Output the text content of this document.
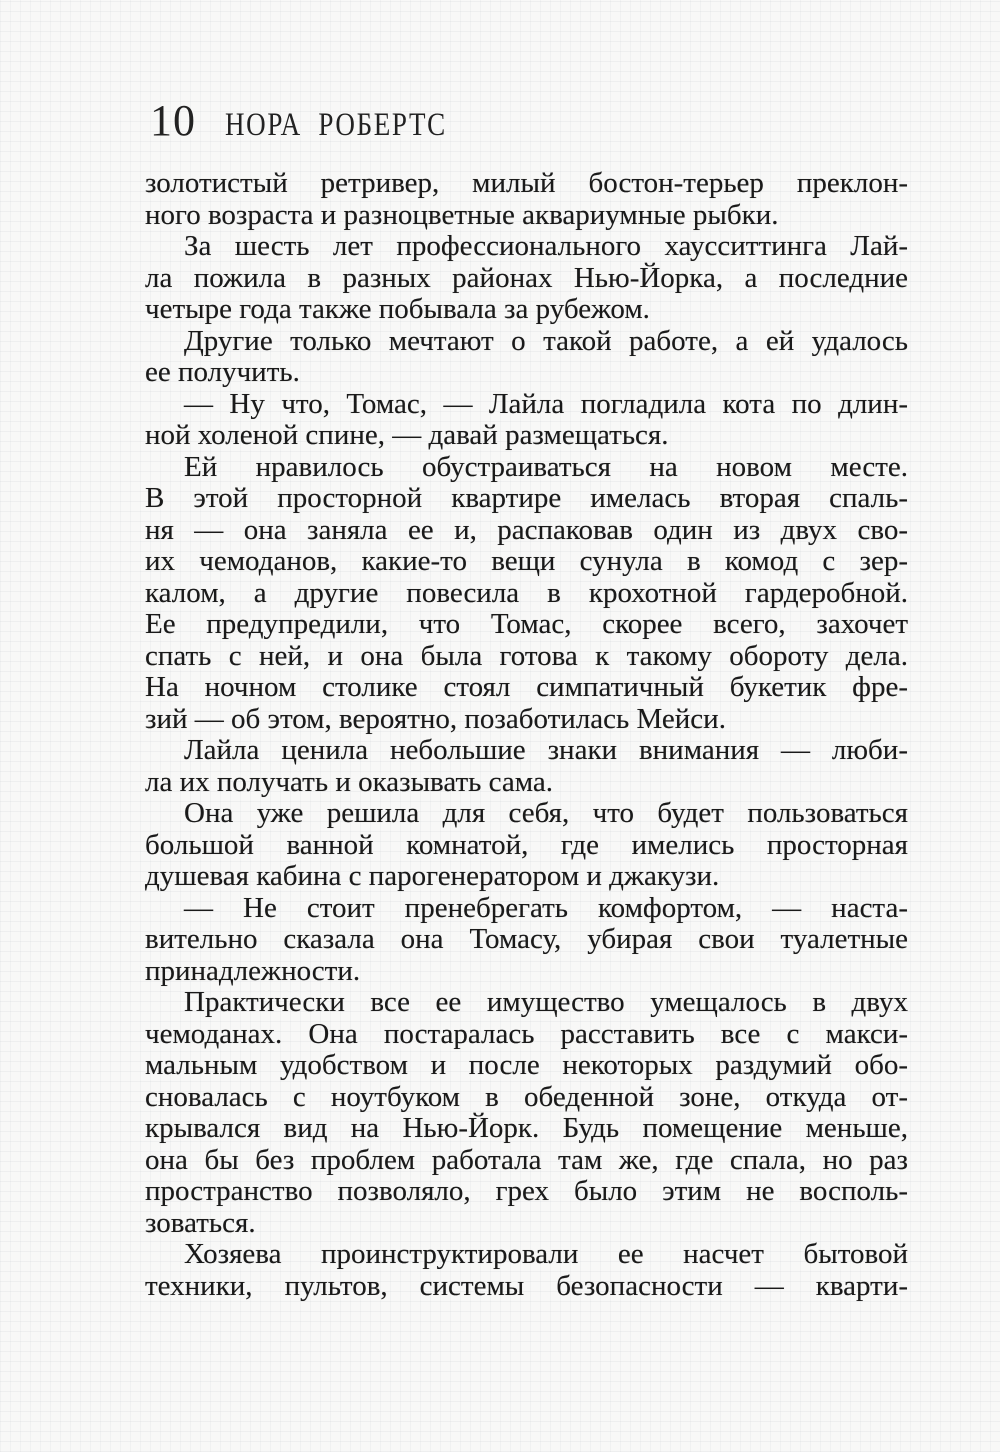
10 НОРА РОБЕРТС
золотистый ретривер, милый бостон-терьер преклон-
ного возраста и разноцветные аквариумные рыбки.
За шесть лет профессионального хаусситтинга Лай-
ла пожила в разных районах Нью-Йорка, а последние
четыре года также побывала за рубежом.
Другие только мечтают о такой работе, а ей удалось
ее получить.
— Ну что, Томас, — Лайла погладила кота по длин-
ной холеной спине, — давай размещаться.
Ей нравилось обустраиваться на новом месте.
В этой просторной квартире имелась вторая спаль-
ня — она заняла ее и, распаковав один из двух сво-
их чемоданов, какие-то вещи сунула в комод с зер-
калом, а другие повесила в крохотной гардеробной.
Ее предупредили, что Томас, скорее всего, захочет
спать с ней, и она была готова к такому обороту дела.
На ночном столике стоял симпатичный букетик фре-
зий — об этом, вероятно, позаботилась Мейси.
Лайла ценила небольшие знаки внимания — люби-
ла их получать и оказывать сама.
Она уже решила для себя, что будет пользоваться
большой ванной комнатой, где имелись просторная
душевая кабина с парогенератором и джакузи.
— Не стоит пренебрегать комфортом, — наста-
вительно сказала она Томасу, убирая свои туалетные
принадлежности.
Практически все ее имущество умещалось в двух
чемоданах. Она постаралась расставить все с макси-
мальным удобством и после некоторых раздумий обо-
сновалась с ноутбуком в обеденной зоне, откуда от-
крывался вид на Нью-Йорк. Будь помещение меньше,
она бы без проблем работала там же, где спала, но раз
пространство позволяло, грех было этим не восполь-
зоваться.
Хозяева проинструктировали ее насчет бытовой
техники, пультов, системы безопасности — кварти-
